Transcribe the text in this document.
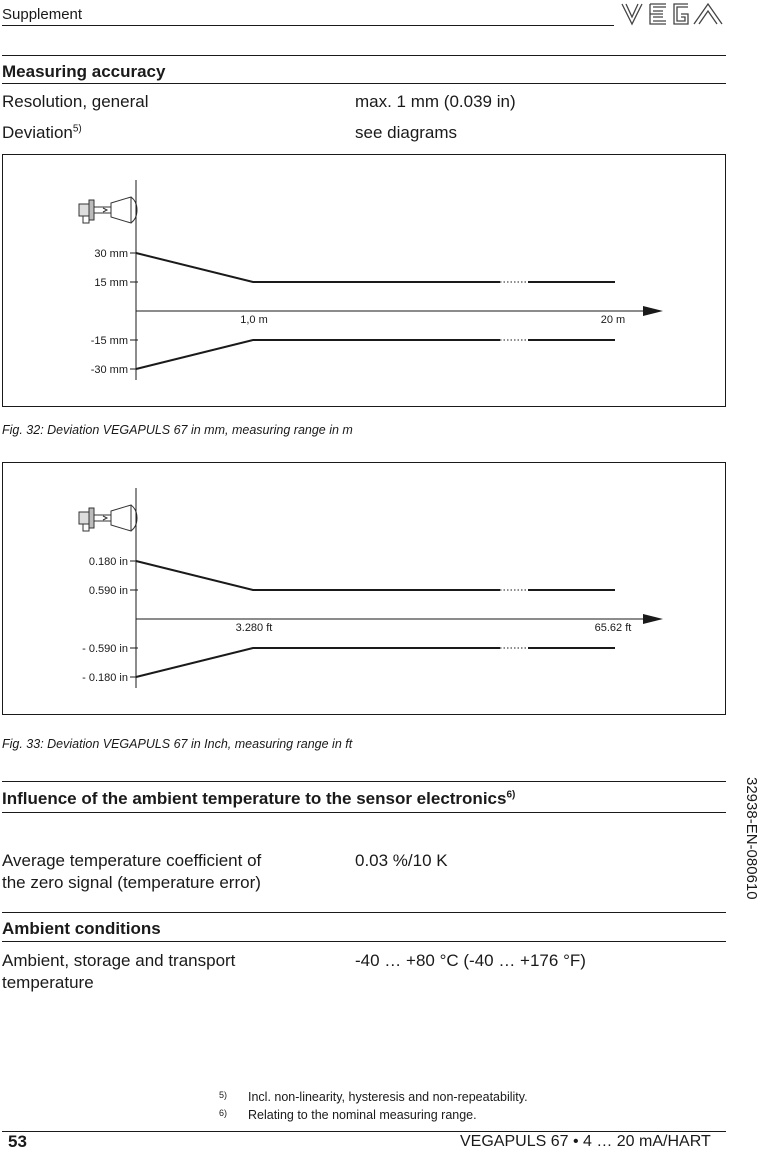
Supplement	VEGA
Measuring accuracy
Resolution, general	max. 1 mm (0.039 in)
Deviation$^{5)}$	see diagrams
30 mm
15 mm
-15 mm
-30 mm
1,0 m	20 m
Fig. 32: Deviation VEGAPULS 67 in mm, measuring range in m
0.180 in
0.590 in
- 0.590 in
- 0.180 in
3.280 ft	65.62 ft
Fig. 33: Deviation VEGAPULS 67 in Inch, measuring range in ft
Influence of the ambient temperature to the sensor electronics$^{6)}$
Average temperature coefficient of
the zero signal (temperature error)
0.03 %/10 K
Ambient conditions
Ambient, storage and transport
temperature
-40 … +80 °C (-40 … +176 °F)
5) Incl. non-linearity, hysteresis and non-repeatability.
6) Relating to the nominal measuring range.
32938-EN-080610
53	VEGAPULS 67 • 4 … 20 mA/HART
